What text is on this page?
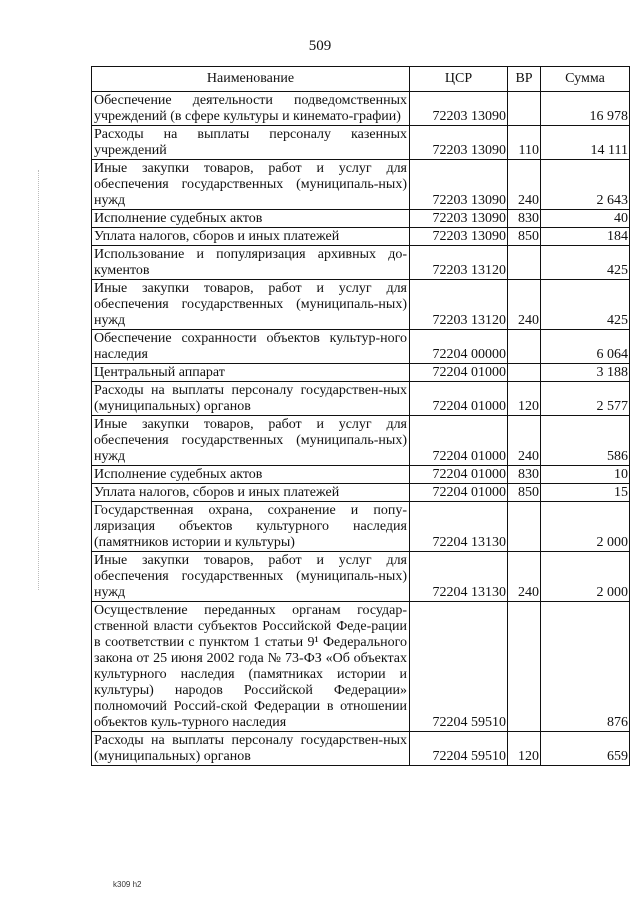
509
Наименование	ЦСР	ВР	Сумма
Обеспечение деятельности подведомственных учреждений (в сфере культуры и кинемато-графии)	72203 13090		16 978
Расходы на выплаты персоналу казенных учреждений	72203 13090	110	14 111
Иные закупки товаров, работ и услуг для обеспечения государственных (муниципаль-ных) нужд	72203 13090	240	2 643
Исполнение судебных актов	72203 13090	830	40
Уплата налогов, сборов и иных платежей	72203 13090	850	184
Использование и популяризация архивных до-кументов	72203 13120		425
Иные закупки товаров, работ и услуг для обеспечения государственных (муниципаль-ных) нужд	72203 13120	240	425
Обеспечение сохранности объектов культур-ного наследия	72204 00000		6 064
Центральный аппарат	72204 01000		3 188
Расходы на выплаты персоналу государствен-ных (муниципальных) органов	72204 01000	120	2 577
Иные закупки товаров, работ и услуг для обеспечения государственных (муниципаль-ных) нужд	72204 01000	240	586
Исполнение судебных актов	72204 01000	830	10
Уплата налогов, сборов и иных платежей	72204 01000	850	15
Государственная охрана, сохранение и попу-ляризация объектов культурного наследия (памятников истории и культуры)	72204 13130		2 000
Иные закупки товаров, работ и услуг для обеспечения государственных (муниципаль-ных) нужд	72204 13130	240	2 000
Осуществление переданных органам государ-ственной власти субъектов Российской Феде-рации в соответствии с пунктом 1 статьи 9¹ Федерального закона от 25 июня 2002 года № 73-ФЗ «Об объектах культурного наследия (памятниках истории и культуры) народов Российской Федерации» полномочий Россий-ской Федерации в отношении объектов куль-турного наследия	72204 59510		876
Расходы на выплаты персоналу государствен-ных (муниципальных) органов	72204 59510	120	659
k309 h2
